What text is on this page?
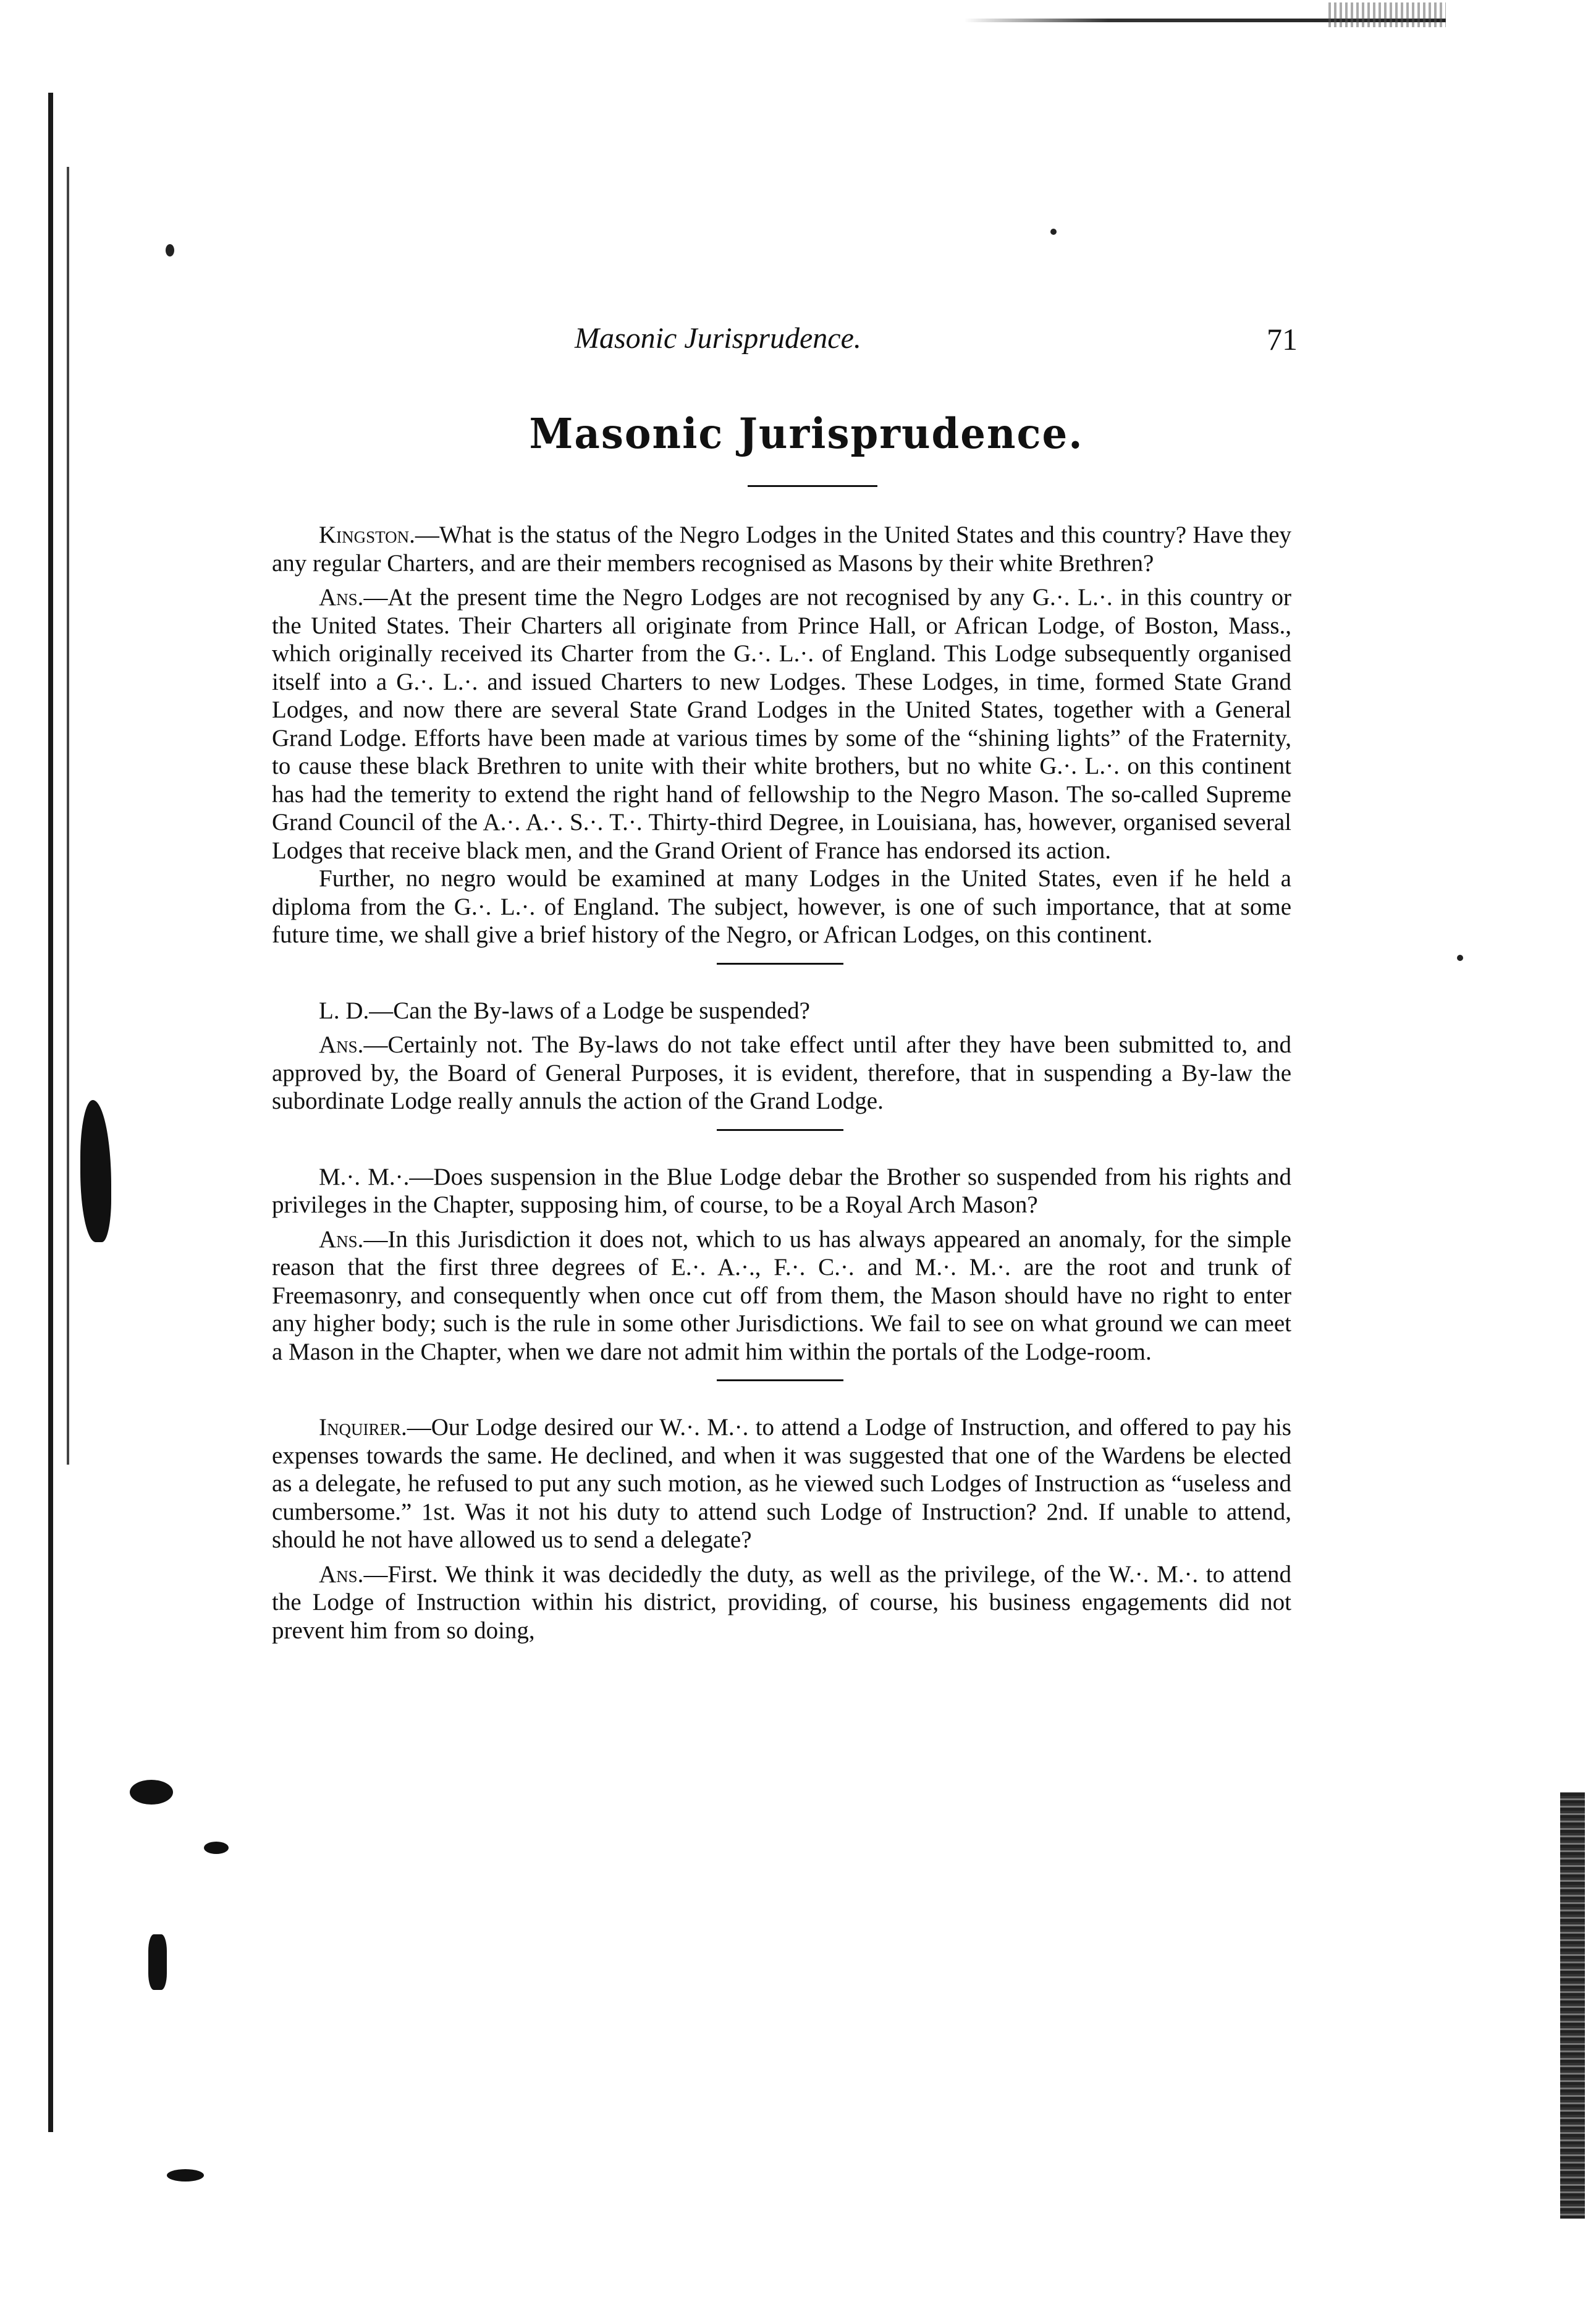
Masonic Jurisprudence.	71
Masonic Jurisprudence.

Kingston.—What is the status of the Negro Lodges in the United States and this country? Have they any regular Charters, and are their members recognised as Masons by their white Brethren?

Ans.—At the present time the Negro Lodges are not recognised by any G.·. L.·. in this country or the United States. Their Charters all originate from Prince Hall, or African Lodge, of Boston, Mass., which originally received its Charter from the G.·. L.·. of England. This Lodge subsequently organised itself into a G.·. L.·. and issued Charters to new Lodges. These Lodges, in time, formed State Grand Lodges, and now there are several State Grand Lodges in the United States, together with a General Grand Lodge. Efforts have been made at various times by some of the “shining lights” of the Fraternity, to cause these black Brethren to unite with their white brothers, but no white G.·. L.·. on this continent has had the temerity to extend the right hand of fellowship to the Negro Mason. The so-called Supreme Grand Council of the A.·. A.·. S.·. T.·. Thirty-third Degree, in Louisiana, has, however, organised several Lodges that receive black men, and the Grand Orient of France has endorsed its action.

Further, no negro would be examined at many Lodges in the United States, even if he held a diploma from the G.·. L.·. of England. The subject, however, is one of such importance, that at some future time, we shall give a brief history of the Negro, or African Lodges, on this continent.

L. D.—Can the By-laws of a Lodge be suspended?

Ans.—Certainly not. The By-laws do not take effect until after they have been submitted to, and approved by, the Board of General Purposes, it is evident, therefore, that in suspending a By-law the subordinate Lodge really annuls the action of the Grand Lodge.

M.·. M.·.—Does suspension in the Blue Lodge debar the Brother so suspended from his rights and privileges in the Chapter, supposing him, of course, to be a Royal Arch Mason?

Ans.—In this Jurisdiction it does not, which to us has always appeared an anomaly, for the simple reason that the first three degrees of E.·. A.·., F.·. C.·. and M.·. M.·. are the root and trunk of Freemasonry, and consequently when once cut off from them, the Mason should have no right to enter any higher body; such is the rule in some other Jurisdictions. We fail to see on what ground we can meet a Mason in the Chapter, when we dare not admit him within the portals of the Lodge-room.

Inquirer.—Our Lodge desired our W.·. M.·. to attend a Lodge of Instruction, and offered to pay his expenses towards the same. He declined, and when it was suggested that one of the Wardens be elected as a delegate, he refused to put any such motion, as he viewed such Lodges of Instruction as “useless and cumbersome.” 1st. Was it not his duty to attend such Lodge of Instruction? 2nd. If unable to attend, should he not have allowed us to send a delegate?

Ans.—First. We think it was decidedly the duty, as well as the privilege, of the W.·. M.·. to attend the Lodge of Instruction within his district, providing, of course, his business engagements did not prevent him from so doing,
